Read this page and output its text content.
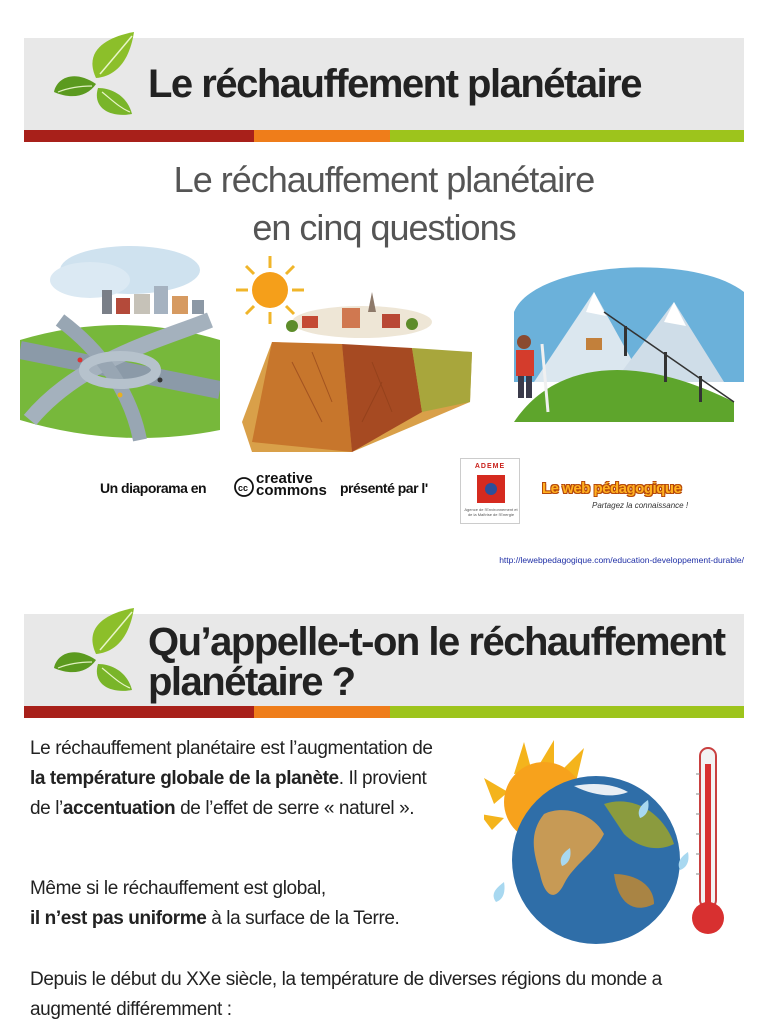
Le réchauffement planétaire
Le réchauffement planétaire
en cinq questions
Un diaporama en	cc
creative
commons présenté par l'
ADEME
Agence de l'Environnement et de la Maîtrise de l'Energie
Le web pédagogique
Partagez la connaissance !
http://lewebpedagogique.com/education-developpement-durable/
Qu’appelle-t-on le réchauffement planétaire ?

Le réchauffement planétaire est l’augmentation de la température globale de la planète. Il provient de l’accentuation de l’effet de serre « naturel ».

Même si le réchauffement est global,
il n’est pas uniforme à la surface de la Terre.

Depuis le début du XXe siècle, la température de diverses régions du monde a augmenté différemment :
